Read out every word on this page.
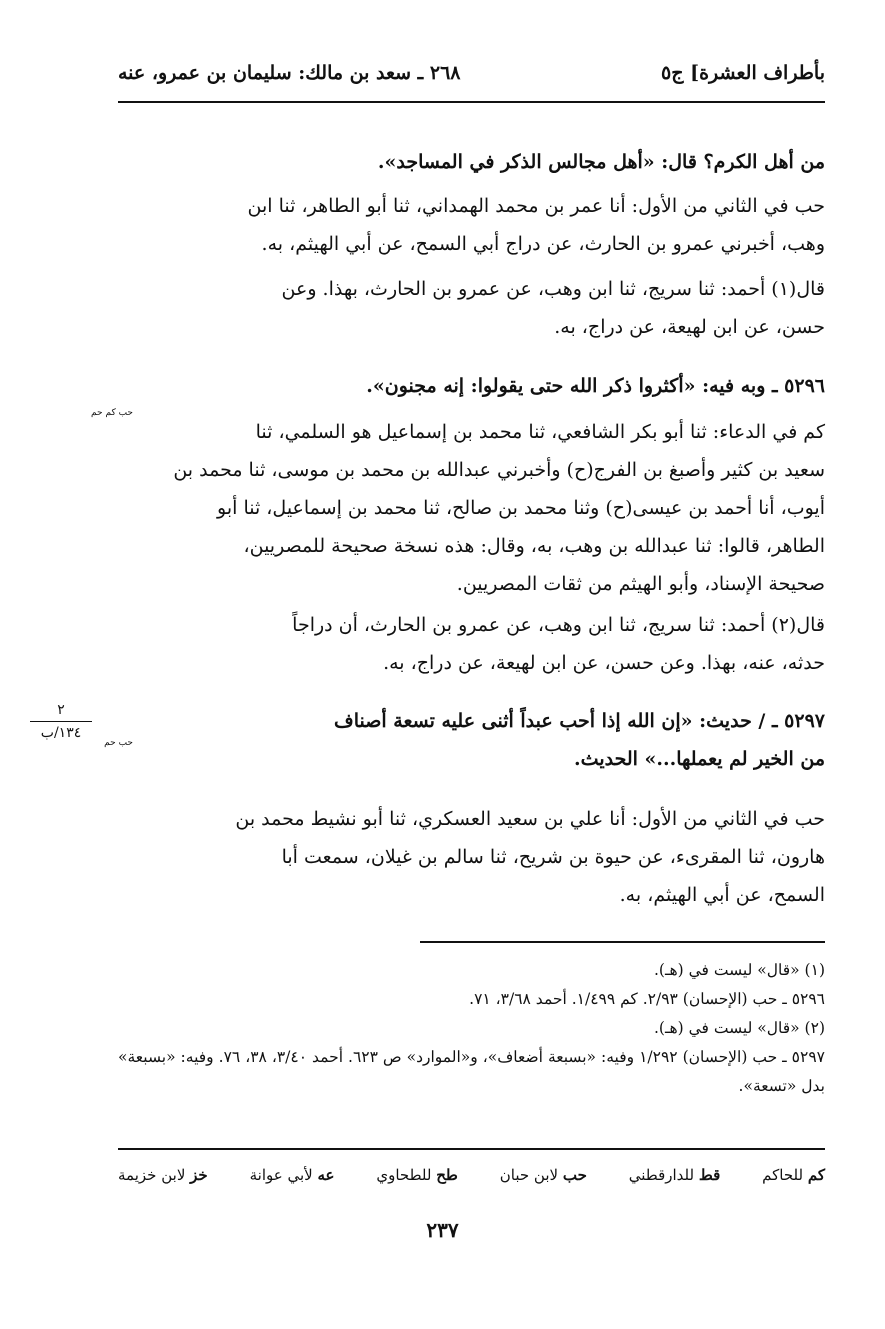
بأطراف العشرة] ج٥
٢٦٨ ـ سعد بن مالك: سليمان بن عمرو، عنه

من أهل الكرم؟ قال: «أهل مجالس الذكر في المساجد».

حب في الثاني من الأول: أنا عمر بن محمد الهمداني، ثنا أبو الطاهر، ثنا ابن

وهب، أخبرني عمرو بن الحارث، عن دراج أبي السمح، عن أبي الهيثم، به.

قال(١) أحمد: ثنا سريج، ثنا ابن وهب، عن عمرو بن الحارث، بهذا. وعن

حسن، عن ابن لهيعة، عن دراج، به.

٥٢٩٦ ـ وبه فيه: «أكثروا ذكر الله حتى يقولوا: إنه مجنون».

حب كم حم

كم في الدعاء: ثنا أبو بكر الشافعي، ثنا محمد بن إسماعيل هو السلمي، ثنا

سعيد بن كثير وأصبغ بن الفرج(ح) وأخبرني عبدالله بن محمد بن موسى، ثنا محمد بن

أيوب، أنا أحمد بن عيسى(ح) وثنا محمد بن صالح، ثنا محمد بن إسماعيل، ثنا أبو

الطاهر، قالوا: ثنا عبدالله بن وهب، به، وقال: هذه نسخة صحيحة للمصريين،

صحيحة الإسناد، وأبو الهيثم من ثقات المصريين.

قال(٢) أحمد: ثنا سريج، ثنا ابن وهب، عن عمرو بن الحارث، أن دراجاً

حدثه، عنه، بهذا. وعن حسن، عن ابن لهيعة، عن دراج، به.

٥٢٩٧ ـ / حديث: «إن الله إذا أحب عبداً أثنى عليه تسعة أصناف

من الخير لم يعملها...» الحديث.

حب حم
٢
١٣٤/ب

حب في الثاني من الأول: أنا علي بن سعيد العسكري، ثنا أبو نشيط محمد بن

هارون، ثنا المقرىء، عن حيوة بن شريح، ثنا سالم بن غيلان، سمعت أبا

السمح، عن أبي الهيثم، به.

(١) «قال» ليست في (هـ).

٥٢٩٦ ـ حب (الإحسان) ٢/٩٣. كم ١/٤٩٩. أحمد ٣/٦٨، ٧١.

(٢) «قال» ليست في (هـ).

٥٢٩٧ ـ حب (الإحسان) ١/٢٩٢ وفيه: «بسبعة أضعاف»، و«الموارد» ص ٦٢٣. أحمد ٣/٤٠، ٣٨، ٧٦. وفيه: «بسبعة» بدل «تسعة».

كم للحاكم
قط للدارقطني
حب لابن حبان
طح للطحاوي
عه لأبي عوانة
خز لابن خزيمة
٢٣٧
